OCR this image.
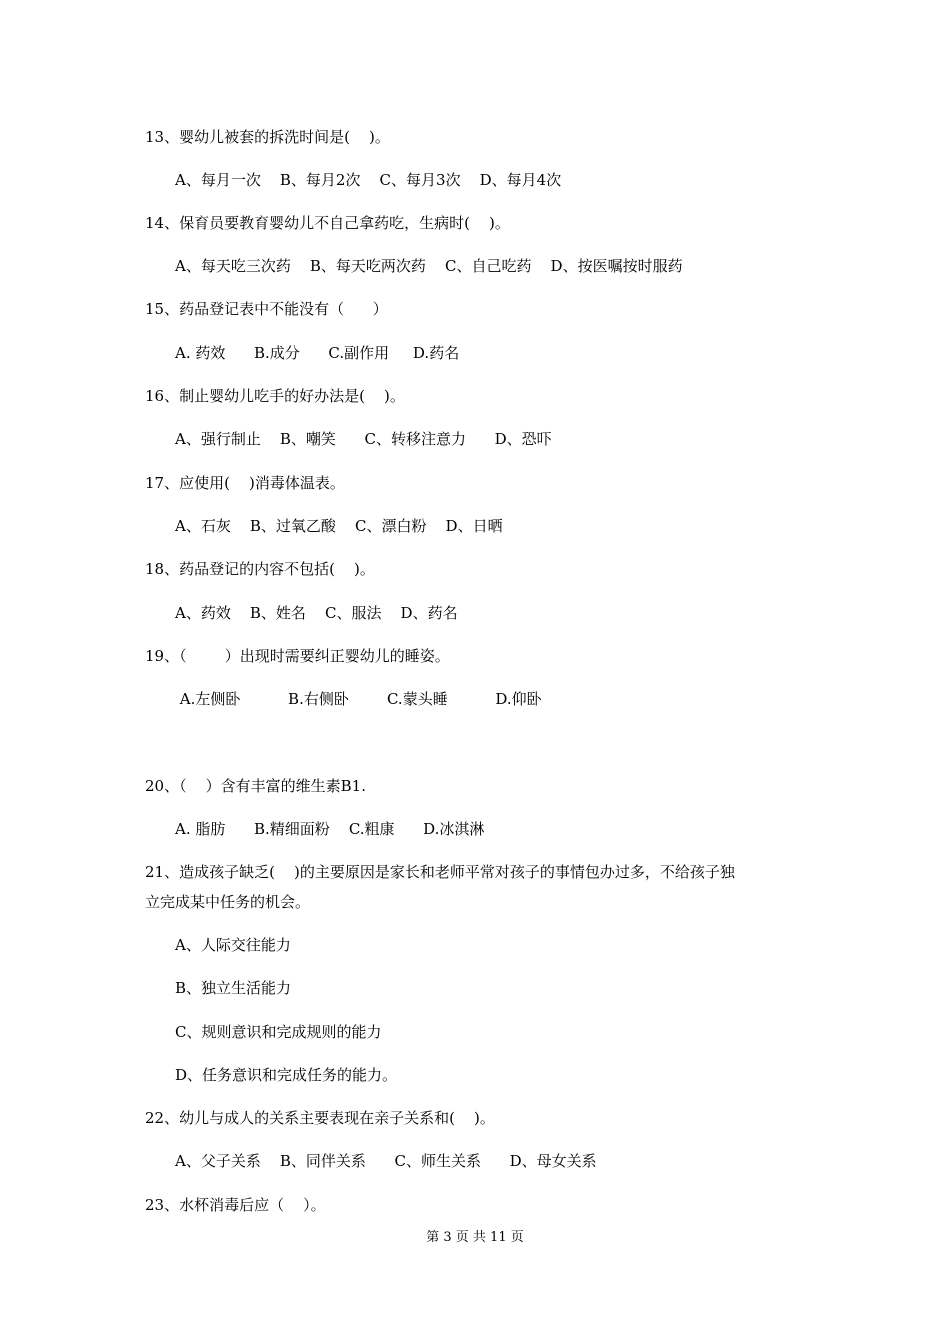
13、婴幼儿被套的拆洗时间是(    )。

A、每月一次    B、每月2次    C、每月3次    D、每月4次

14、保育员要教育婴幼儿不自己拿药吃，生病时(    )。

A、每天吃三次药    B、每天吃两次药    C、自己吃药    D、按医嘱按时服药

15、药品登记表中不能没有（      ）

A. 药效      B.成分      C.副作用     D.药名

16、制止婴幼儿吃手的好办法是(    )。

A、强行制止    B、嘲笑      C、转移注意力      D、恐吓

17、应使用(    )消毒体温表。

A、石灰    B、过氧乙酸    C、漂白粉    D、日晒

18、药品登记的内容不包括(    )。

A、药效    B、姓名    C、服法    D、药名

19、（        ）出现时需要纠正婴幼儿的睡姿。

A.左侧卧          B.右侧卧        C.蒙头睡          D.仰卧

20、（    ）含有丰富的维生素B1.

A. 脂肪      B.精细面粉    C.粗康      D.冰淇淋

21、造成孩子缺乏(    )的主要原因是家长和老师平常对孩子的事情包办过多，不给孩子独

立完成某中任务的机会。

A、人际交往能力

B、独立生活能力

C、规则意识和完成规则的能力

D、任务意识和完成任务的能力。

22、幼儿与成人的关系主要表现在亲子关系和(    )。

A、父子关系    B、同伴关系      C、师生关系      D、母女关系

23、水杯消毒后应（    ）。

第 3 页 共 11 页
